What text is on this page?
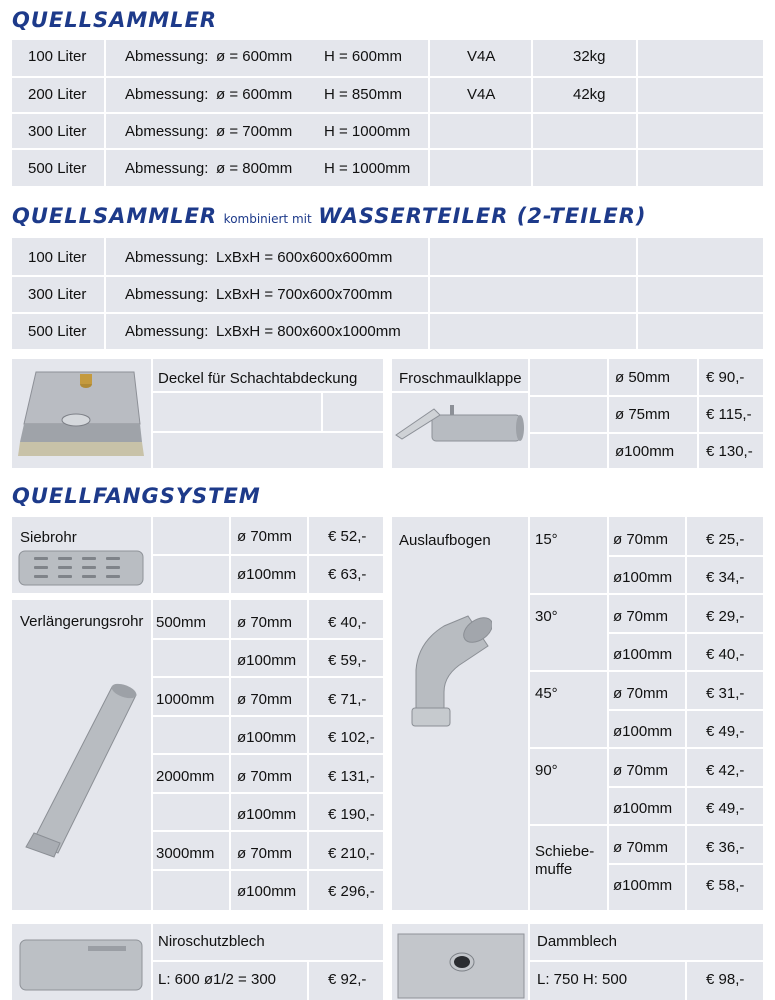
QUELLSAMMLER
100 Liter	Abmessung: ø = 600mm H = 600mm	V4A	32kg
200 Liter	Abmessung: ø = 600mm H = 850mm	V4A	42kg
300 Liter	Abmessung: ø = 700mm H = 1000mm
500 Liter	Abmessung: ø = 800mm H = 1000mm
QUELLSAMMLER kombiniert mit WASSERTEILER (2-TEILER)
100 Liter	Abmessung: LxBxH = 600x600x600mm
300 Liter	Abmessung: LxBxH = 700x600x700mm
500 Liter	Abmessung: LxBxH = 800x600x1000mm
Deckel für Schachtabdeckung	Froschmaulklappe	ø 50mm € 90,-
ø 75mm € 115,-
ø100mm € 130,-
QUELLFANGSYSTEM
Siebrohr	ø 70mm € 52,-
ø100mm € 63,-
Verlängerungsrohr 500mm ø 70mm € 40,-
ø100mm € 59,-
1000mm ø 70mm € 71,-
ø100mm € 102,-
2000mm ø 70mm € 131,-
ø100mm € 190,-
3000mm ø 70mm € 210,-
ø100mm € 296,-
Auslaufbogen	15°	ø 70mm	€ 25,-
ø100mm € 34,-
30°	ø 70mm	€ 29,-
ø100mm € 40,-
45°	ø 70mm	€ 31,-
ø100mm € 49,-
90°	ø 70mm	€ 42,-
ø100mm € 49,-
Schiebe-
muffe
ø 70mm	€ 36,-
ø100mm € 58,-
Niroschutzblech
L: 600 ø1/2 = 300	€ 92,-
Dammblech
L: 750 H: 500	€ 98,-
